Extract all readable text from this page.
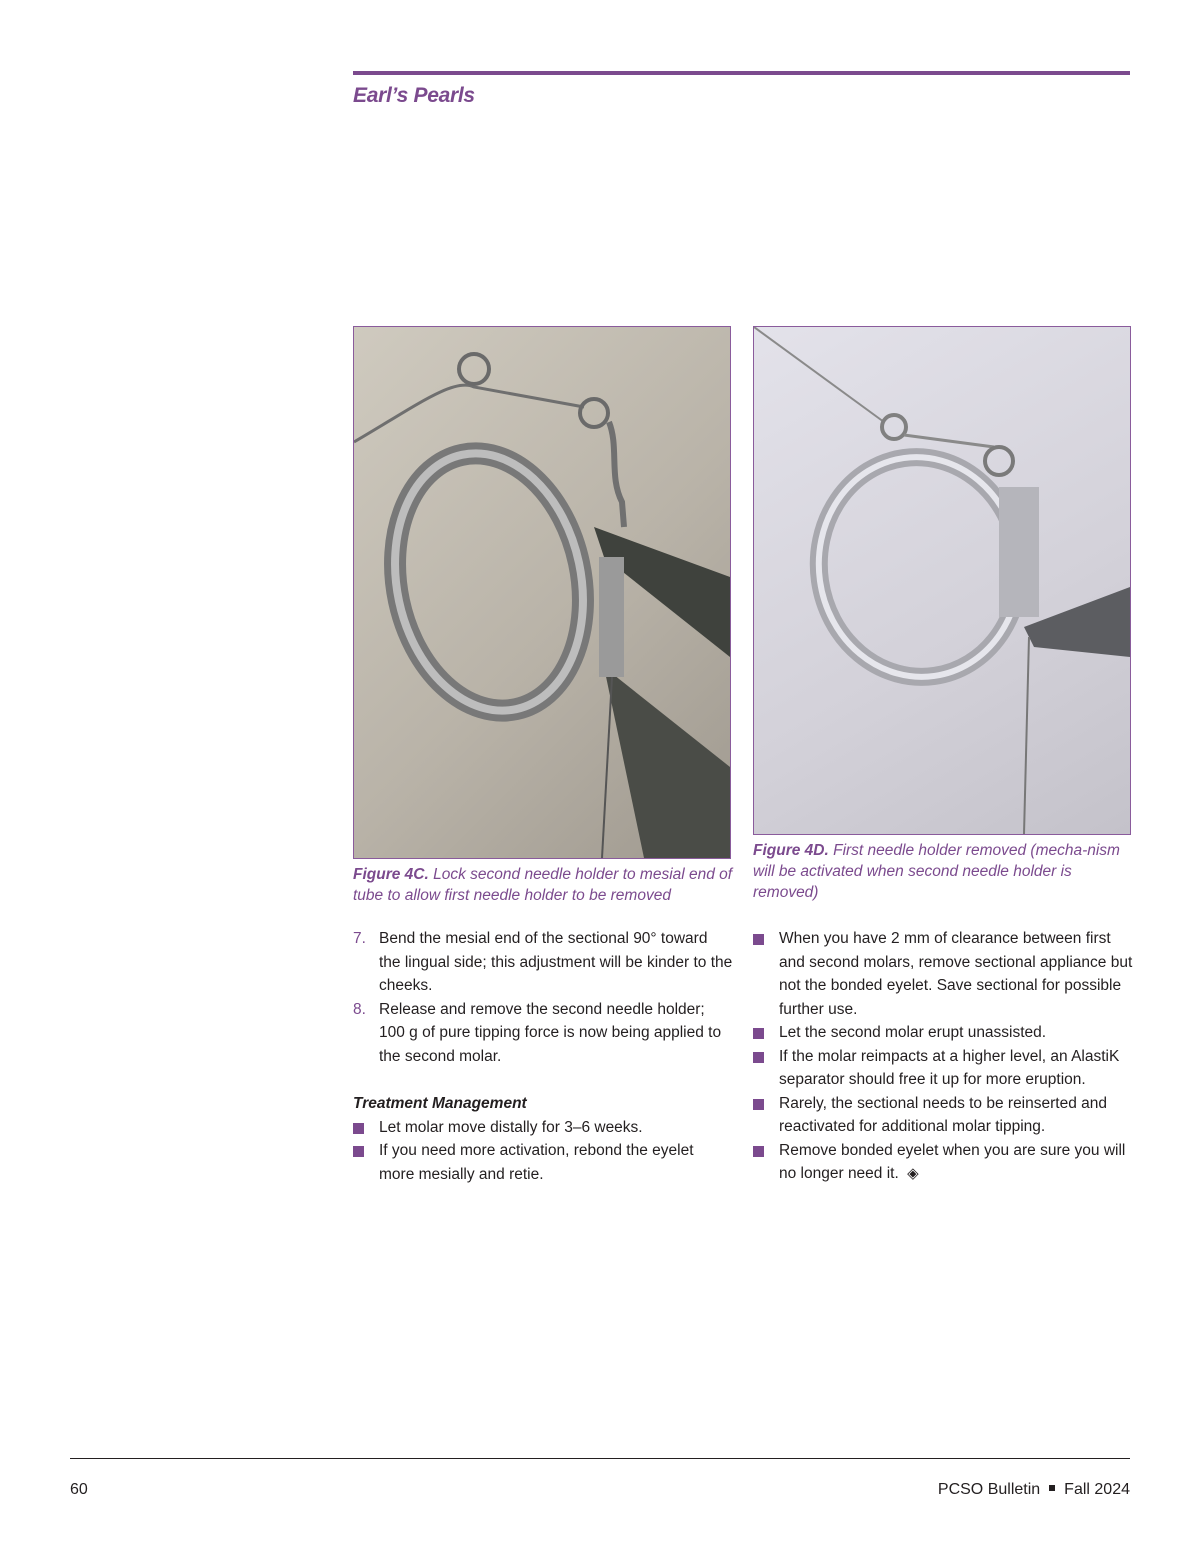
Earl’s Pearls
Figure 4C. Lock second needle holder to mesial end of tube to allow first needle holder to be removed
Figure 4D. First needle holder removed (mecha-nism will be activated when second needle holder is removed)
7. Bend the mesial end of the sectional 90° toward the lingual side; this adjustment will be kinder to the cheeks.
8. Release and remove the second needle holder; 100 g of pure tipping force is now being applied to the second molar.
Treatment Management
Let molar move distally for 3–6 weeks.
If you need more activation, rebond the eyelet more mesially and retie.
When you have 2 mm of clearance between first and second molars, remove sectional appliance but not the bonded eyelet. Save sectional for possible further use.
Let the second molar erupt unassisted.
If the molar reimpacts at a higher level, an AlastiK separator should free it up for more eruption.
Rarely, the sectional needs to be reinserted and reactivated for additional molar tipping.
Remove bonded eyelet when you are sure you will no longer need it. ◈
60	PCSO Bulletin Fall 2024
